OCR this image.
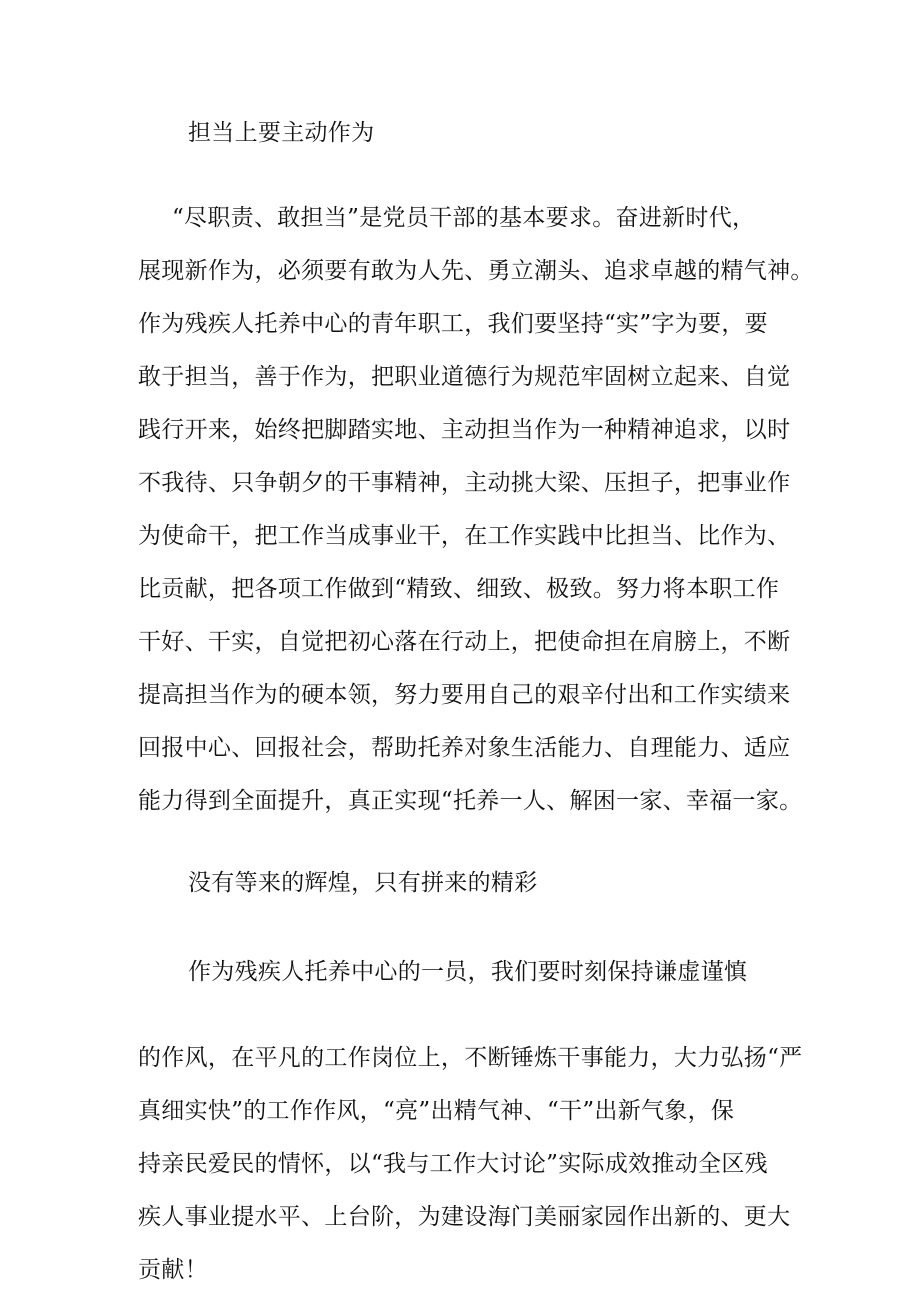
担当上要主动作为
“尽职责、敢担当”是党员干部的基本要求。奋进新时代，
展现新作为，必须要有敢为人先、勇立潮头、追求卓越的精气神。
作为残疾人托养中心的青年职工，我们要坚持“实”字为要，要
敢于担当，善于作为，把职业道德行为规范牢固树立起来、自觉
践行开来，始终把脚踏实地、主动担当作为一种精神追求，以时
不我待、只争朝夕的干事精神，主动挑大梁、压担子，把事业作
为使命干，把工作当成事业干，在工作实践中比担当、比作为、
比贡献，把各项工作做到“精致、细致、极致。努力将本职工作
干好、干实，自觉把初心落在行动上，把使命担在肩膀上，不断
提高担当作为的硬本领，努力要用自己的艰辛付出和工作实绩来
回报中心、回报社会，帮助托养对象生活能力、自理能力、适应
能力得到全面提升，真正实现“托养一人、解困一家、幸福一家。
没有等来的辉煌，只有拼来的精彩
作为残疾人托养中心的一员，我们要时刻保持谦虚谨慎
的作风，在平凡的工作岗位上，不断锤炼干事能力，大力弘扬“严
真细实快”的工作作风，“亮”出精气神、“干”出新气象，保
持亲民爱民的情怀，以“我与工作大讨论”实际成效推动全区残
疾人事业提水平、上台阶，为建设海门美丽家园作出新的、更大
贡献！
